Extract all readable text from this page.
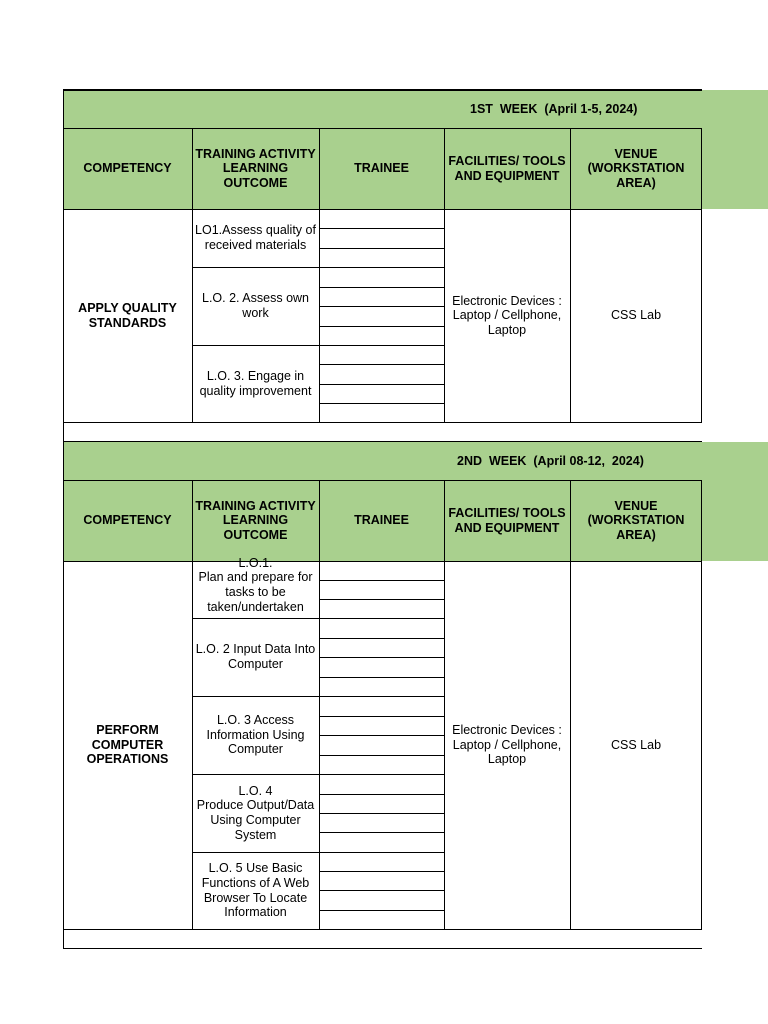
1ST  WEEK  (April 1-5, 2024)
COMPETENCY
TRAINING ACTIVITY
LEARNING
OUTCOME
TRAINEE
FACILITIES/ TOOLS
AND EQUIPMENT
VENUE
(WORKSTATION
AREA)
APPLY QUALITY
STANDARDS
LO1.Assess quality of
received materials
L.O. 2. Assess own
work
L.O. 3. Engage in
quality improvement
Electronic Devices :
Laptop / Cellphone,
Laptop
CSS Lab
2ND  WEEK  (April 08-12,  2024)
COMPETENCY
TRAINING ACTIVITY
LEARNING
OUTCOME
TRAINEE
FACILITIES/ TOOLS
AND EQUIPMENT
VENUE
(WORKSTATION
AREA)
PERFORM
COMPUTER
OPERATIONS
L.O.1.
Plan and prepare for
tasks to be
taken/undertaken
L.O. 2 Input Data Into
Computer
L.O. 3 Access
Information Using
Computer
L.O. 4
Produce Output/Data
Using Computer
System
L.O. 5 Use Basic
Functions of A Web
Browser To Locate
Information
Electronic Devices :
Laptop / Cellphone,
Laptop
CSS Lab
